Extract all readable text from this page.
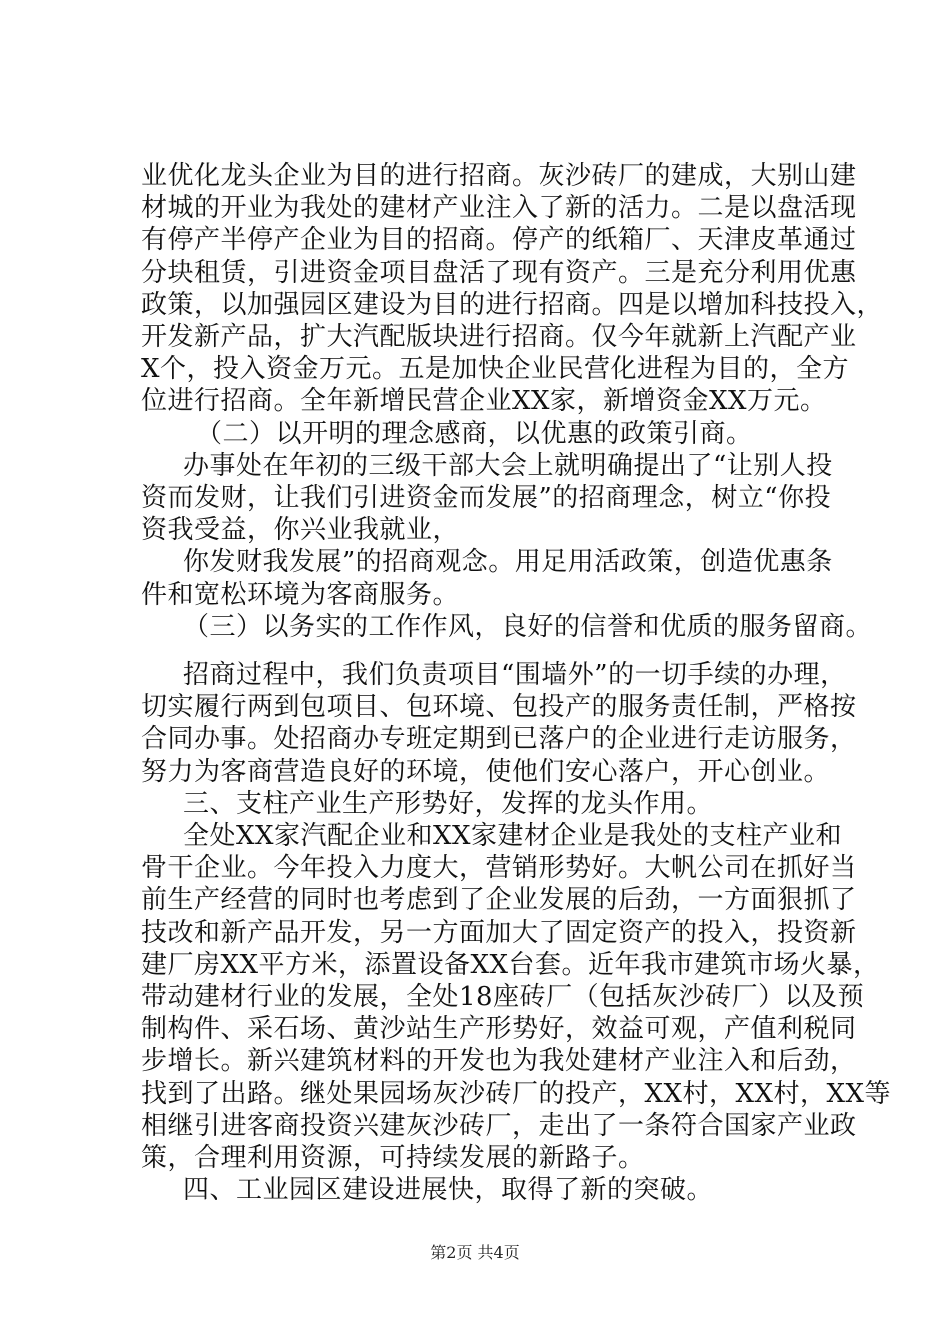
业优化龙头企业为目的进行招商。灰沙砖厂的建成，大别山建
材城的开业为我处的建材产业注入了新的活力。二是以盘活现
有停产半停产企业为目的招商。停产的纸箱厂、天津皮革通过
分块租赁，引进资金项目盘活了现有资产。三是充分利用优惠
政策，以加强园区建设为目的进行招商。四是以增加科技投入，
开发新产品，扩大汽配版块进行招商。仅今年就新上汽配产业
X个，投入资金万元。五是加快企业民营化进程为目的，全方
位进行招商。全年新增民营企业XX家，新增资金XX万元。
（二）以开明的理念感商，以优惠的政策引商。
办事处在年初的三级干部大会上就明确提出了“让别人投
资而发财，让我们引进资金而发展”的招商理念，树立“你投
资我受益，你兴业我就业，
你发财我发展”的招商观念。用足用活政策，创造优惠条
件和宽松环境为客商服务。
（三）以务实的工作作风，良好的信誉和优质的服务留商。
招商过程中，我们负责项目“围墙外”的一切手续的办理，
切实履行两到包项目、包环境、包投产的服务责任制，严格按
合同办事。处招商办专班定期到已落户的企业进行走访服务，
努力为客商营造良好的环境，使他们安心落户，开心创业。
三、支柱产业生产形势好，发挥的龙头作用。
全处XX家汽配企业和XX家建材企业是我处的支柱产业和
骨干企业。今年投入力度大，营销形势好。大帆公司在抓好当
前生产经营的同时也考虑到了企业发展的后劲，一方面狠抓了
技改和新产品开发，另一方面加大了固定资产的投入，投资新
建厂房XX平方米，添置设备XX台套。近年我市建筑市场火暴，
带动建材行业的发展，全处18座砖厂（包括灰沙砖厂）以及预
制构件、采石场、黄沙站生产形势好，效益可观，产值利税同
步增长。新兴建筑材料的开发也为我处建材产业注入和后劲，
找到了出路。继处果园场灰沙砖厂的投产，XX村，XX村，XX等
相继引进客商投资兴建灰沙砖厂，走出了一条符合国家产业政
策，合理利用资源，可持续发展的新路子。
四、工业园区建设进展快，取得了新的突破。
第2页 共4页
